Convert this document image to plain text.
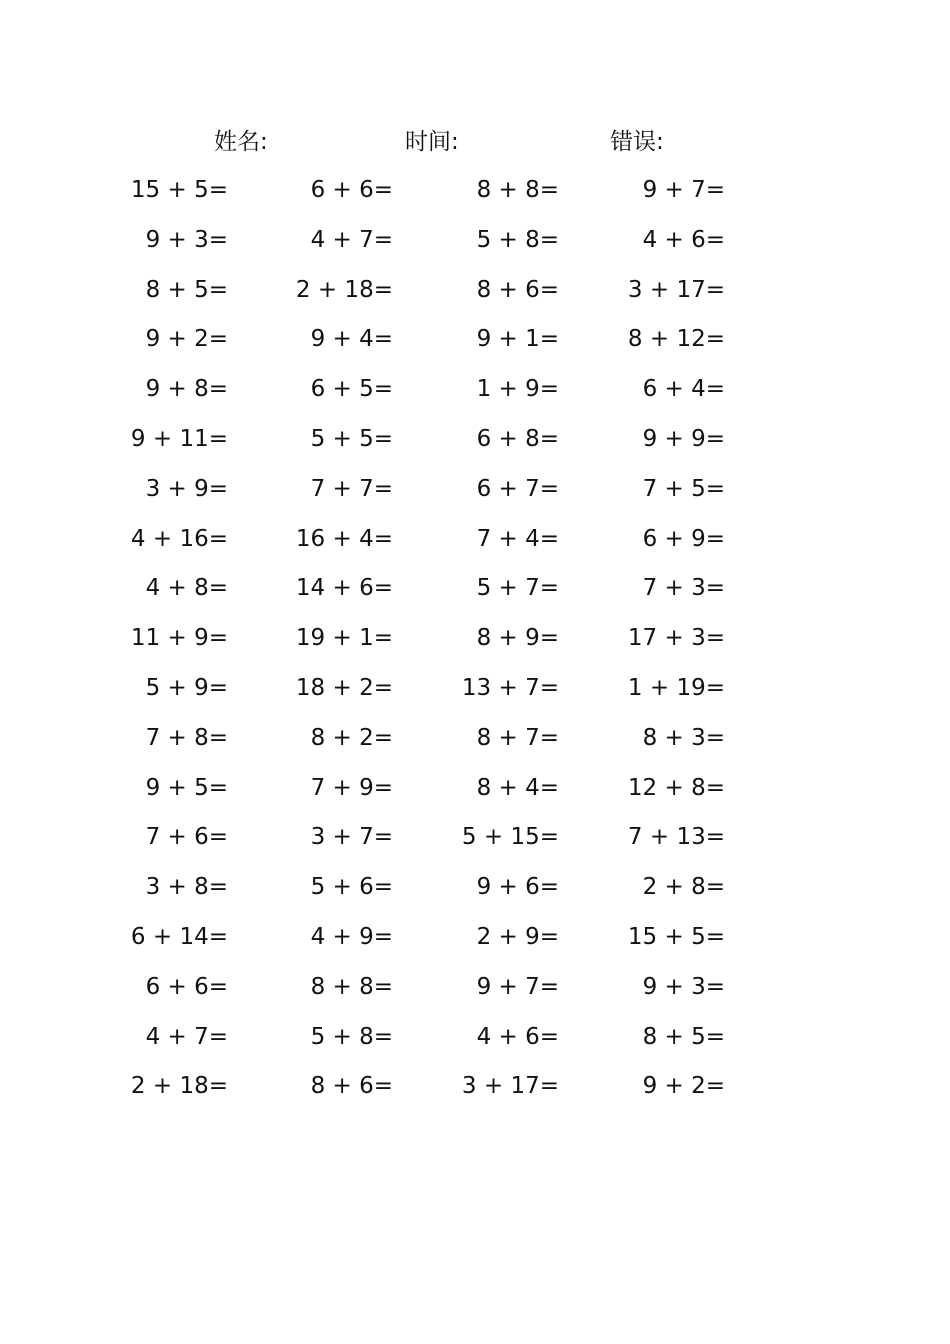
姓名:	时间:	错误:
15 + 5=	6 + 6=	8 + 8=	9 + 7=
9 + 3=	4 + 7=	5 + 8=	4 + 6=
8 + 5=	2 + 18=	8 + 6=	3 + 17=
9 + 2=	9 + 4=	9 + 1=	8 + 12=
9 + 8=	6 + 5=	1 + 9=	6 + 4=
9 + 11=	5 + 5=	6 + 8=	9 + 9=
3 + 9=	7 + 7=	6 + 7=	7 + 5=
4 + 16=	16 + 4=	7 + 4=	6 + 9=
4 + 8=	14 + 6=	5 + 7=	7 + 3=
11 + 9=	19 + 1=	8 + 9=	17 + 3=
5 + 9=	18 + 2=	13 + 7=	1 + 19=
7 + 8=	8 + 2=	8 + 7=	8 + 3=
9 + 5=	7 + 9=	8 + 4=	12 + 8=
7 + 6=	3 + 7=	5 + 15=	7 + 13=
3 + 8=	5 + 6=	9 + 6=	2 + 8=
6 + 14=	4 + 9=	2 + 9=	15 + 5=
6 + 6=	8 + 8=	9 + 7=	9 + 3=
4 + 7=	5 + 8=	4 + 6=	8 + 5=
2 + 18=	8 + 6=	3 + 17=	9 + 2=
